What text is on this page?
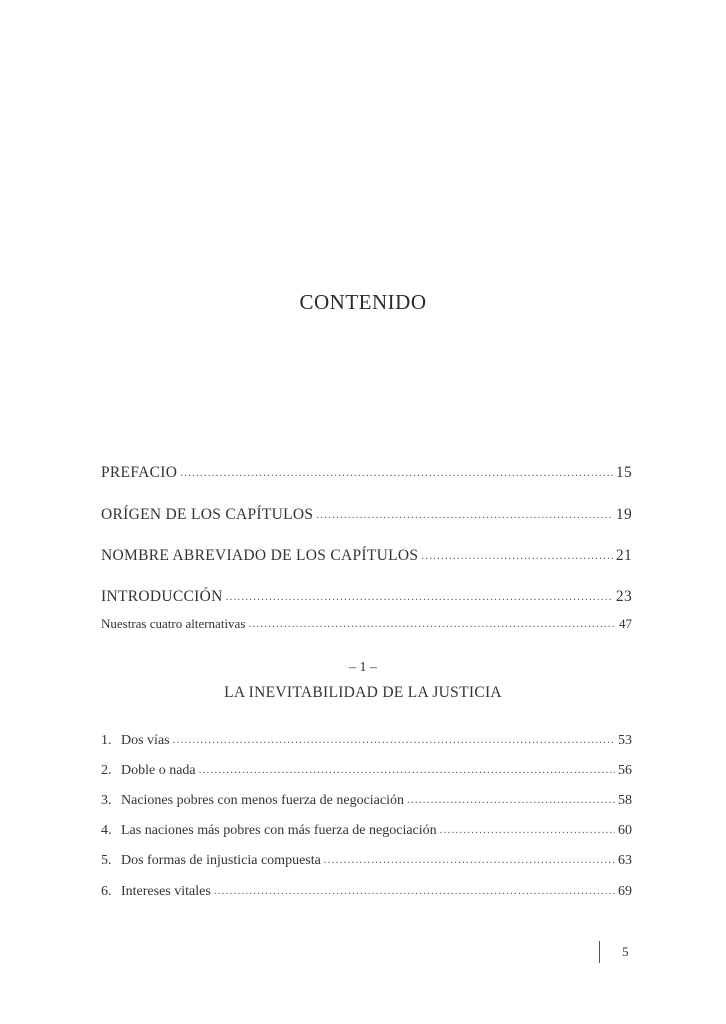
CONTENIDO
PREFACIO .....	15
ORÍGEN DE LOS CAPÍTULOS .....	19
NOMBRE ABREVIADO DE LOS CAPÍTULOS .....	21
INTRODUCCIÓN .....	23
Nuestras cuatro alternativas .....	47
– 1 –
LA INEVITABILIDAD DE LA JUSTICIA
1. Dos vías .....	53
2. Doble o nada .....	56
3. Naciones pobres con menos fuerza de negociación .....	58
4. Las naciones más pobres con más fuerza de negociación .....	60
5. Dos formas de injusticia compuesta .....	63
6. Intereses vitales .....	69
5
